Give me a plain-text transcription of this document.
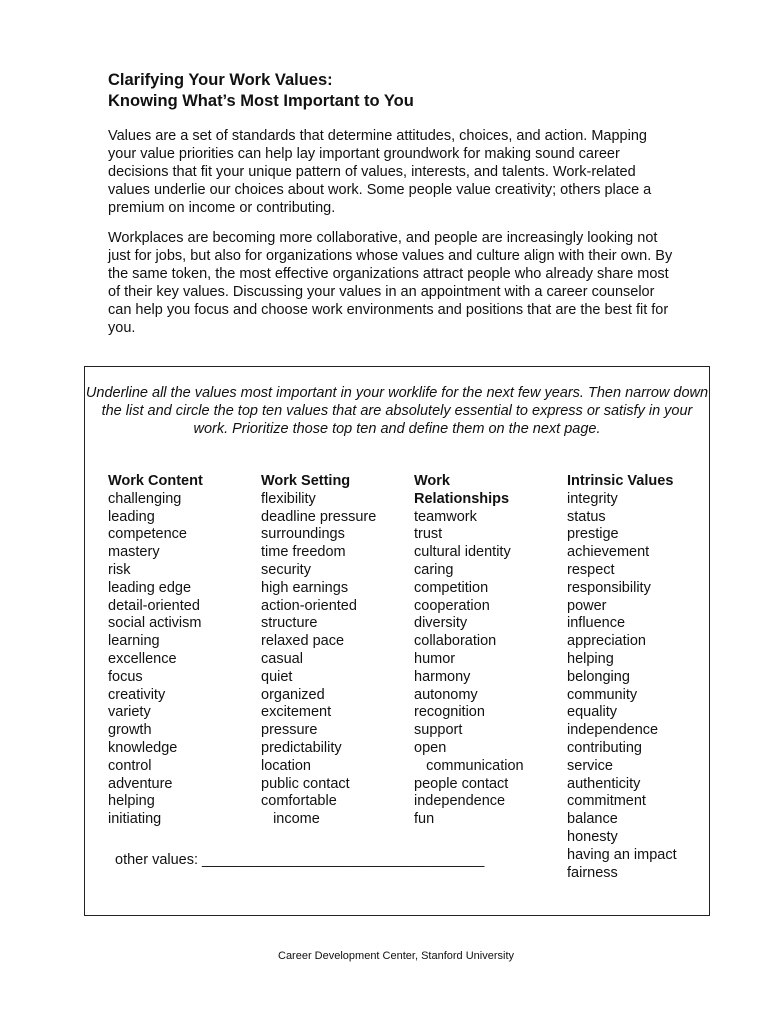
Clarifying Your Work Values:
Knowing What’s Most Important to You

Values are a set of standards that determine attitudes, choices, and action. Mapping your value priorities can help lay important groundwork for making sound career decisions that fit your unique pattern of values, interests, and talents. Work-related values underlie our choices about work. Some people value creativity; others place a premium on income or contributing.

Workplaces are becoming more collaborative, and people are increasingly looking not just for jobs, but also for organizations whose values and culture align with their own. By the same token, the most effective organizations attract people who already share most of their key values. Discussing your values in an appointment with a career counselor can help you focus and choose work environments and positions that are the best fit for you.

Underline all the values most important in your worklife for the next few years. Then narrow down the list and circle the top ten values that are absolutely essential to express or satisfy in your work. Prioritize those top ten and define them on the next page.

Work Content
challenging
leading
competence
mastery
risk
leading edge
detail-oriented
social activism
learning
excellence
focus
creativity
variety
growth
knowledge
control
adventure
helping
initiating
Work Setting
flexibility
deadline pressure
surroundings
time freedom
security
high earnings
action-oriented
structure
relaxed pace
casual
quiet
organized
excitement
pressure
predictability
location
public contact
comfortable
income
Work
Relationships
teamwork
trust
cultural identity
caring
competition
cooperation
diversity
collaboration
humor
harmony
autonomy
recognition
support
open
communication
people contact
independence
fun
Intrinsic Values
integrity
status
prestige
achievement
respect
responsibility
power
influence
appreciation
helping
belonging
community
equality
independence
contributing
service
authenticity
commitment
balance
honesty
having an impact
fairness
other values: ___________________________________
Career Development Center, Stanford University
